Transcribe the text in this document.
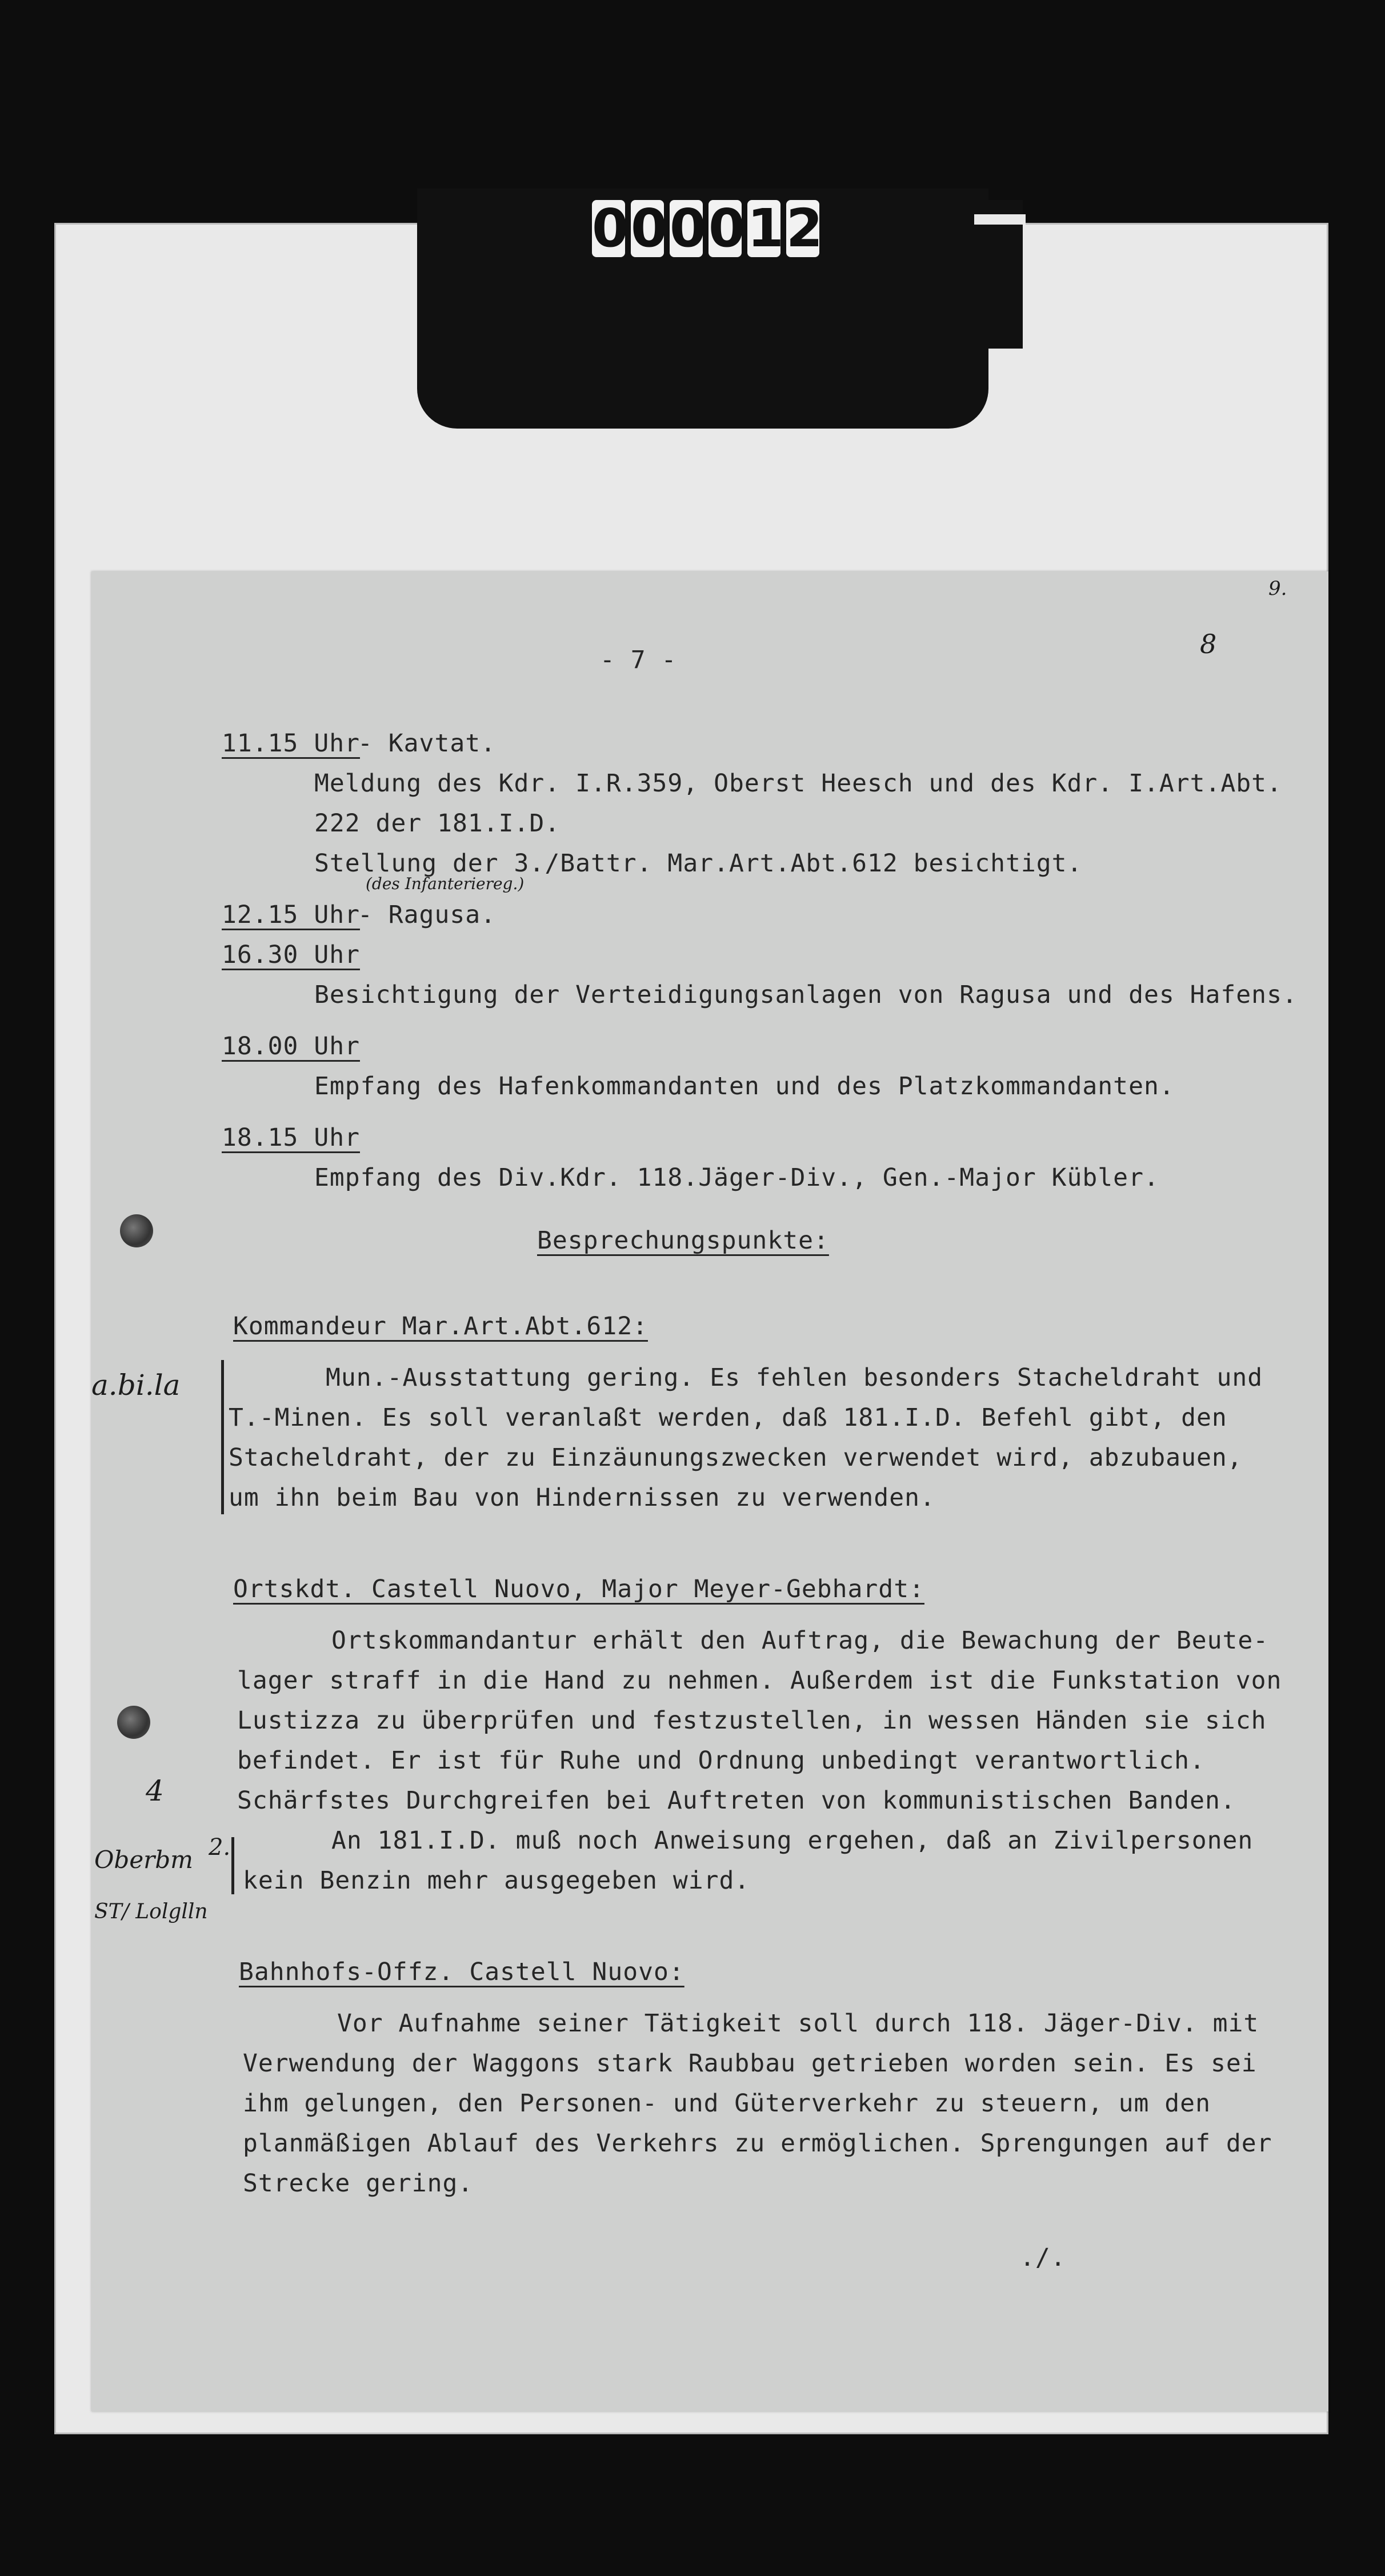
0 0 0 0 1 2
9.
8
- 7 -
11.15 Uhr
- Kavtat.
Meldung des Kdr. I.R.359, Oberst Heesch und des Kdr. I.Art.Abt.
222 der 181.I.D.
Stellung der 3./Battr. Mar.Art.Abt.612 besichtigt.
(des Infanteriereg.)
12.15 Uhr
- Ragusa.
16.30 Uhr
Besichtigung der Verteidigungsanlagen von Ragusa und des Hafens.
18.00 Uhr
Empfang des Hafenkommandanten und des Platzkommandanten.
18.15 Uhr
Empfang des Div.Kdr. 118.Jäger-Div., Gen.-Major Kübler.
Besprechungspunkte:
Kommandeur Mar.Art.Abt.612:
a.bi.la	Mun.-Ausstattung gering. Es fehlen besonders Stacheldraht und
T.-Minen. Es soll veranlaßt werden, daß 181.I.D. Befehl gibt, den
Stacheldraht, der zu Einzäunungszwecken verwendet wird, abzubauen,
um ihn beim Bau von Hindernissen zu verwenden.
Ortskdt. Castell Nuovo, Major Meyer-Gebhardt:
Ortskommandantur erhält den Auftrag, die Bewachung der Beute-
lager straff in die Hand zu nehmen. Außerdem ist die Funkstation von
Lustizza zu überprüfen und festzustellen, in wessen Händen sie sich
befindet. Er ist für Ruhe und Ordnung unbedingt verantwortlich.
Schärfstes Durchgreifen bei Auftreten von kommunistischen Banden.
An 181.I.D. muß noch Anweisung ergehen, daß an Zivilpersonen
kein Benzin mehr ausgegeben wird.
4
Oberbm 2.
ST/ Lolglln
Bahnhofs-Offz. Castell Nuovo:
Vor Aufnahme seiner Tätigkeit soll durch 118. Jäger-Div. mit
Verwendung der Waggons stark Raubbau getrieben worden sein. Es sei
ihm gelungen, den Personen- und Güterverkehr zu steuern, um den
planmäßigen Ablauf des Verkehrs zu ermöglichen. Sprengungen auf der
Strecke gering.
./.
